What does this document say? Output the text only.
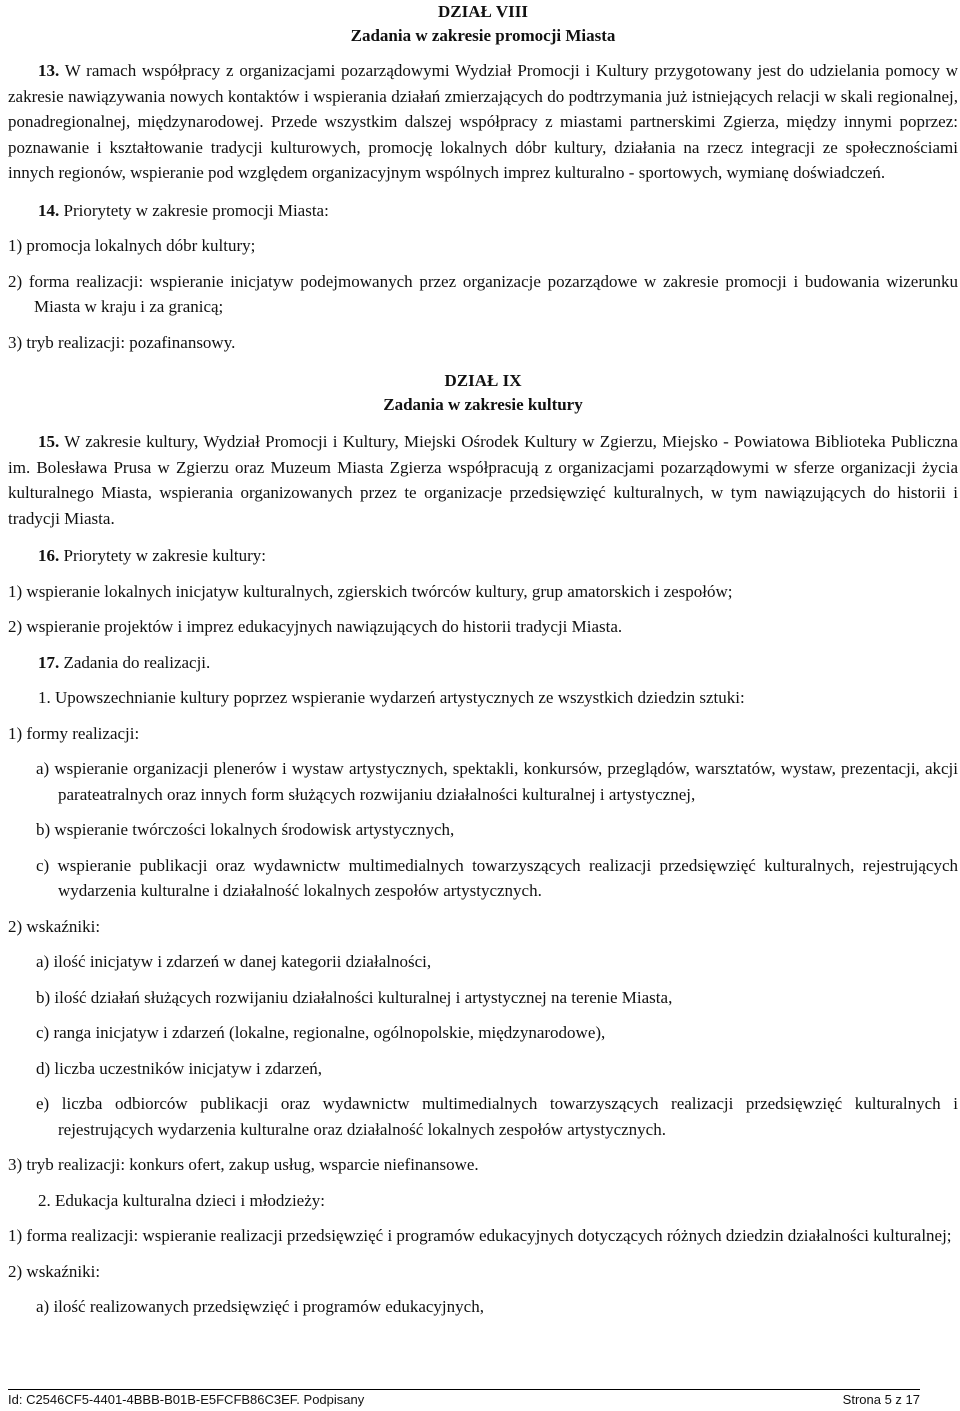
DZIAŁ VIII
Zadania w zakresie promocji Miasta

13. W ramach współpracy z organizacjami pozarządowymi Wydział Promocji i Kultury przygotowany jest do udzielania pomocy w zakresie nawiązywania nowych kontaktów i wspierania działań zmierzających do podtrzymania już istniejących relacji w skali regionalnej, ponadregionalnej, międzynarodowej. Przede wszystkim dalszej współpracy z miastami partnerskimi Zgierza, między innymi poprzez: poznawanie i kształtowanie tradycji kulturowych, promocję lokalnych dóbr kultury, działania na rzecz integracji ze społecznościami innych regionów, wspieranie pod względem organizacyjnym wspólnych imprez kulturalno - sportowych, wymianę doświadczeń.

14. Priorytety w zakresie promocji Miasta:

1) promocja lokalnych dóbr kultury;

2) forma realizacji: wspieranie inicjatyw podejmowanych przez organizacje pozarządowe w zakresie promocji i budowania wizerunku Miasta w kraju i za granicą;

3) tryb realizacji: pozafinansowy.

DZIAŁ IX
Zadania w zakresie kultury

15. W zakresie kultury, Wydział Promocji i Kultury, Miejski Ośrodek Kultury w Zgierzu, Miejsko - Powiatowa Biblioteka Publiczna im. Bolesława Prusa w Zgierzu oraz Muzeum Miasta Zgierza współpracują z organizacjami pozarządowymi w sferze organizacji życia kulturalnego Miasta, wspierania organizowanych przez te organizacje przedsięwzięć kulturalnych, w tym nawiązujących do historii i tradycji Miasta.

16. Priorytety w zakresie kultury:

1) wspieranie lokalnych inicjatyw kulturalnych, zgierskich twórców kultury, grup amatorskich i zespołów;

2) wspieranie projektów i imprez edukacyjnych nawiązujących do historii tradycji Miasta.

17. Zadania do realizacji.

1. Upowszechnianie kultury poprzez wspieranie wydarzeń artystycznych ze wszystkich dziedzin sztuki:

1) formy realizacji:

a) wspieranie organizacji plenerów i wystaw artystycznych, spektakli, konkursów, przeglądów, warsztatów, wystaw, prezentacji, akcji parateatralnych oraz innych form służących rozwijaniu działalności kulturalnej i artystycznej,

b) wspieranie twórczości lokalnych środowisk artystycznych,

c) wspieranie publikacji oraz wydawnictw multimedialnych towarzyszących realizacji przedsięwzięć kulturalnych, rejestrujących wydarzenia kulturalne i działalność lokalnych zespołów artystycznych.

2) wskaźniki:

a) ilość inicjatyw i zdarzeń w danej kategorii działalności,

b) ilość działań służących rozwijaniu działalności kulturalnej i artystycznej na terenie Miasta,

c) ranga inicjatyw i zdarzeń (lokalne, regionalne, ogólnopolskie, międzynarodowe),

d) liczba uczestników inicjatyw i zdarzeń,

e) liczba odbiorców publikacji oraz wydawnictw multimedialnych towarzyszących realizacji przedsięwzięć kulturalnych i rejestrujących wydarzenia kulturalne oraz działalność lokalnych zespołów artystycznych.

3) tryb realizacji: konkurs ofert, zakup usług, wsparcie niefinansowe.

2. Edukacja kulturalna dzieci i młodzieży:

1) forma realizacji: wspieranie realizacji przedsięwzięć i programów edukacyjnych dotyczących różnych dziedzin działalności kulturalnej;

2) wskaźniki:

a) ilość realizowanych przedsięwzięć i programów edukacyjnych,

Id: C2546CF5-4401-4BBB-B01B-E5FCFB86C3EF. Podpisany	Strona 5 z 17
